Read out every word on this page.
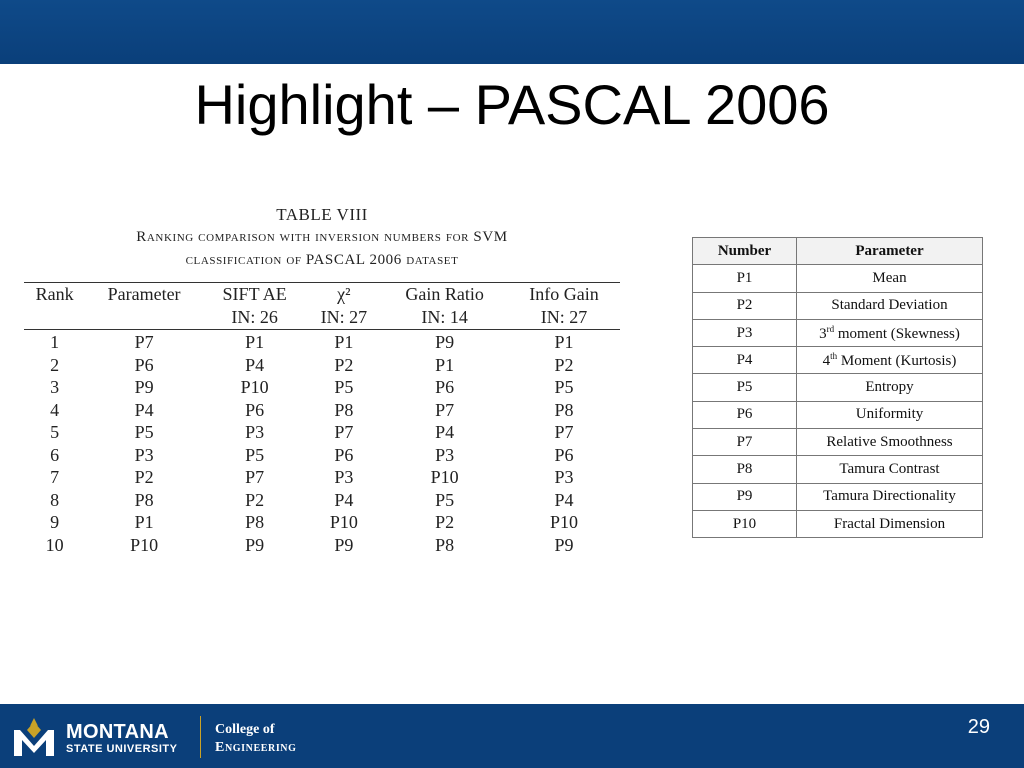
Highlight – PASCAL 2006
TABLE VIII
Ranking comparison with inversion numbers for SVM
classification of PASCAL 2006 dataset
Rank	Parameter	SIFT AE	χ²	Gain Ratio	Info Gain
		IN: 26	IN: 27	IN: 14	IN: 27
1	P7	P1	P1	P9	P1
2	P6	P4	P2	P1	P2
3	P9	P10	P5	P6	P5
4	P4	P6	P8	P7	P8
5	P5	P3	P7	P4	P7
6	P3	P5	P6	P3	P6
7	P2	P7	P3	P10	P3
8	P8	P2	P4	P5	P4
9	P1	P8	P10	P2	P10
10	P10	P9	P9	P8	P9
Number	Parameter
P1	Mean
P2	Standard Deviation
P3	3rd moment (Skewness)
P4	4th Moment (Kurtosis)
P5	Entropy
P6	Uniformity
P7	Relative Smoothness
P8	Tamura Contrast
P9	Tamura Directionality
P10	Fractal Dimension
MONTANA
STATE UNIVERSITY
College of
Engineering
29
